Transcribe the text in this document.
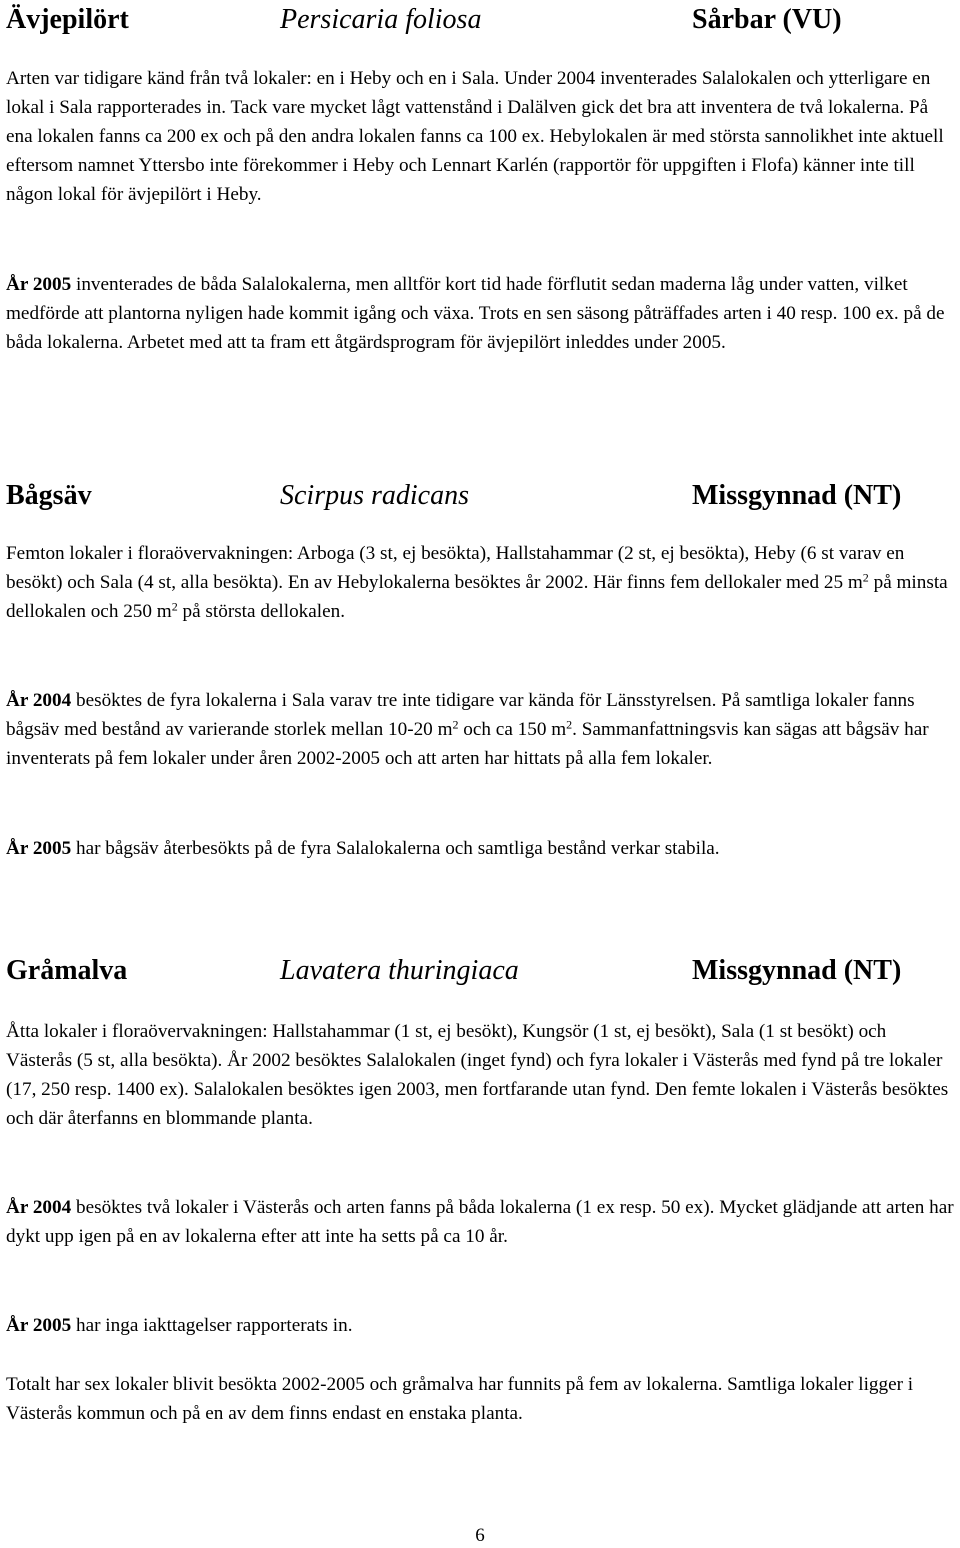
Ävjepilört	Persicaria foliosa	Sårbar (VU)

Arten var tidigare känd från två lokaler: en i Heby och en i Sala. Under 2004 inventerades Salalokalen och ytterligare en lokal i Sala rapporterades in. Tack vare mycket lågt vattenstånd i Dalälven gick det bra att inventera de två lokalerna. På ena lokalen fanns ca 200 ex och på den andra lokalen fanns ca 100 ex. Hebylokalen är med största sannolikhet inte aktuell eftersom namnet Yttersbo inte förekommer i Heby och Lennart Karlén (rapportör för uppgiften i Flofa) känner inte till någon lokal för ävjepilört i Heby.

År 2005 inventerades de båda Salalokalerna, men alltför kort tid hade förflutit sedan maderna låg under vatten, vilket medförde att plantorna nyligen hade kommit igång och växa. Trots en sen säsong påträffades arten i 40 resp. 100 ex. på de båda lokalerna. Arbetet med att ta fram ett åtgärdsprogram för ävjepilört inleddes under 2005.

Bågsäv	Scirpus radicans	Missgynnad (NT)

Femton lokaler i floraövervakningen: Arboga (3 st, ej besökta), Hallstahammar (2 st, ej besökta), Heby (6 st varav en besökt) och Sala (4 st, alla besökta). En av Hebylokalerna besöktes år 2002. Här finns fem dellokaler med 25 $m^2$ på minsta dellokalen och 250 $m^2$ på största dellokalen.

År 2004 besöktes de fyra lokalerna i Sala varav tre inte tidigare var kända för Länsstyrelsen. På samtliga lokaler fanns bågsäv med bestånd av varierande storlek mellan 10-20 $m^2$ och ca 150 $m^2$. Sammanfattningsvis kan sägas att bågsäv har inventerats på fem lokaler under åren 2002-2005 och att arten har hittats på alla fem lokaler.

År 2005 har bågsäv återbesökts på de fyra Salalokalerna och samtliga bestånd verkar stabila.

Gråmalva	Lavatera thuringiaca	Missgynnad (NT)

Åtta lokaler i floraövervakningen: Hallstahammar (1 st, ej besökt), Kungsör (1 st, ej besökt), Sala (1 st besökt) och Västerås (5 st, alla besökta). År 2002 besöktes Salalokalen (inget fynd) och fyra lokaler i Västerås med fynd på tre lokaler (17, 250 resp. 1400 ex). Salalokalen besöktes igen 2003, men fortfarande utan fynd. Den femte lokalen i Västerås besöktes och där återfanns en blommande planta.

År 2004 besöktes två lokaler i Västerås och arten fanns på båda lokalerna (1 ex resp. 50 ex). Mycket glädjande att arten har dykt upp igen på en av lokalerna efter att inte ha setts på ca 10 år.

År 2005 har inga iakttagelser rapporterats in.

Totalt har sex lokaler blivit besökta 2002-2005 och gråmalva har funnits på fem av lokalerna. Samtliga lokaler ligger i Västerås kommun och på en av dem finns endast en enstaka planta.

6
